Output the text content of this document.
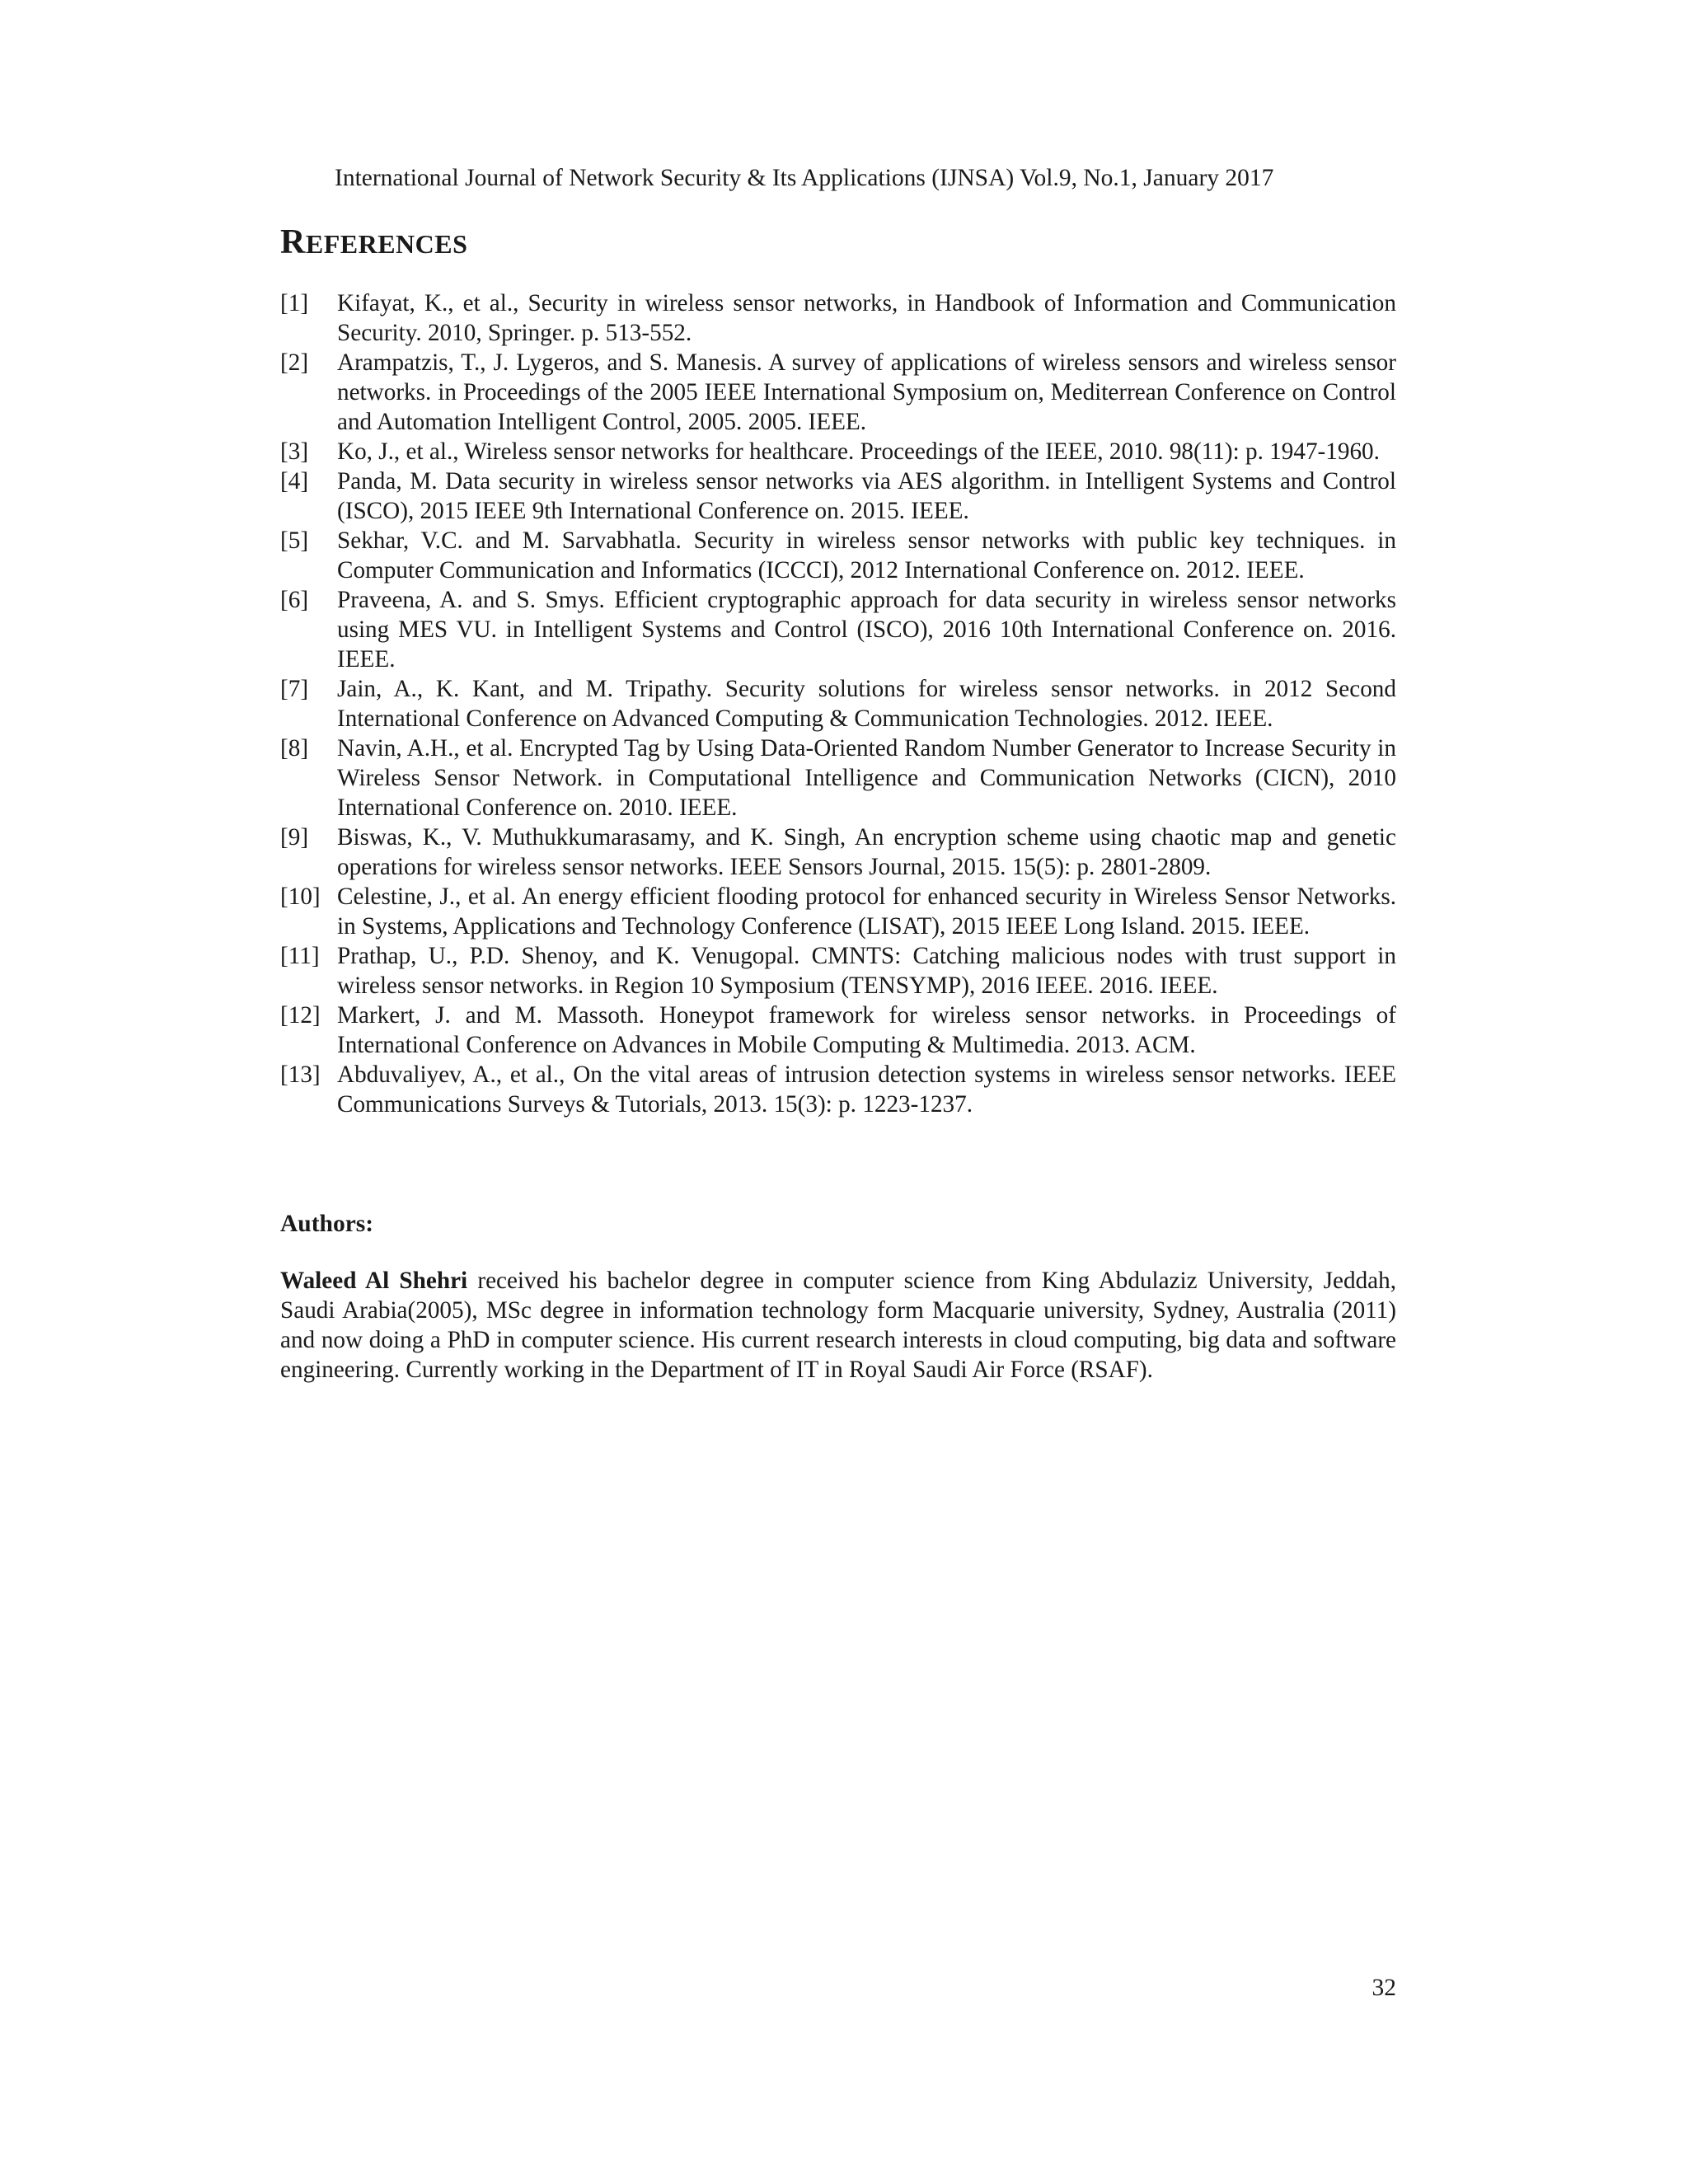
International Journal of Network Security & Its Applications (IJNSA) Vol.9, No.1, January 2017
REFERENCES
[1]	Kifayat, K., et al., Security in wireless sensor networks, in Handbook of Information and Communication Security. 2010, Springer. p. 513-552.
[2]	Arampatzis, T., J. Lygeros, and S. Manesis. A survey of applications of wireless sensors and wireless sensor networks. in Proceedings of the 2005 IEEE International Symposium on, Mediterrean Conference on Control and Automation Intelligent Control, 2005. 2005. IEEE.
[3]	Ko, J., et al., Wireless sensor networks for healthcare. Proceedings of the IEEE, 2010. 98(11): p. 1947-1960.
[4]	Panda, M. Data security in wireless sensor networks via AES algorithm. in Intelligent Systems and Control (ISCO), 2015 IEEE 9th International Conference on. 2015. IEEE.
[5]	Sekhar, V.C. and M. Sarvabhatla. Security in wireless sensor networks with public key techniques. in Computer Communication and Informatics (ICCCI), 2012 International Conference on. 2012. IEEE.
[6]	Praveena, A. and S. Smys. Efficient cryptographic approach for data security in wireless sensor networks using MES VU. in Intelligent Systems and Control (ISCO), 2016 10th International Conference on. 2016. IEEE.
[7]	Jain, A., K. Kant, and M. Tripathy. Security solutions for wireless sensor networks. in 2012 Second International Conference on Advanced Computing & Communication Technologies. 2012. IEEE.
[8]	Navin, A.H., et al. Encrypted Tag by Using Data-Oriented Random Number Generator to Increase Security in Wireless Sensor Network. in Computational Intelligence and Communication Networks (CICN), 2010 International Conference on. 2010. IEEE.
[9]	Biswas, K., V. Muthukkumarasamy, and K. Singh, An encryption scheme using chaotic map and genetic operations for wireless sensor networks. IEEE Sensors Journal, 2015. 15(5): p. 2801-2809.
[10] Celestine, J., et al. An energy efficient flooding protocol for enhanced security in Wireless Sensor Networks. in Systems, Applications and Technology Conference (LISAT), 2015 IEEE Long Island. 2015. IEEE.
[11] Prathap, U., P.D. Shenoy, and K. Venugopal. CMNTS: Catching malicious nodes with trust support in wireless sensor networks. in Region 10 Symposium (TENSYMP), 2016 IEEE. 2016. IEEE.
[12] Markert, J. and M. Massoth. Honeypot framework for wireless sensor networks. in Proceedings of International Conference on Advances in Mobile Computing & Multimedia. 2013. ACM.
[13] Abduvaliyev, A., et al., On the vital areas of intrusion detection systems in wireless sensor networks. IEEE Communications Surveys & Tutorials, 2013. 15(3): p. 1223-1237.
Authors:

Waleed Al Shehri received his bachelor degree in computer science from King Abdulaziz University, Jeddah, Saudi Arabia(2005), MSc degree in information technology form Macquarie university, Sydney, Australia (2011) and now doing a PhD in computer science. His current research interests in cloud computing, big data and software engineering. Currently working in the Department of IT in Royal Saudi Air Force (RSAF).

32
